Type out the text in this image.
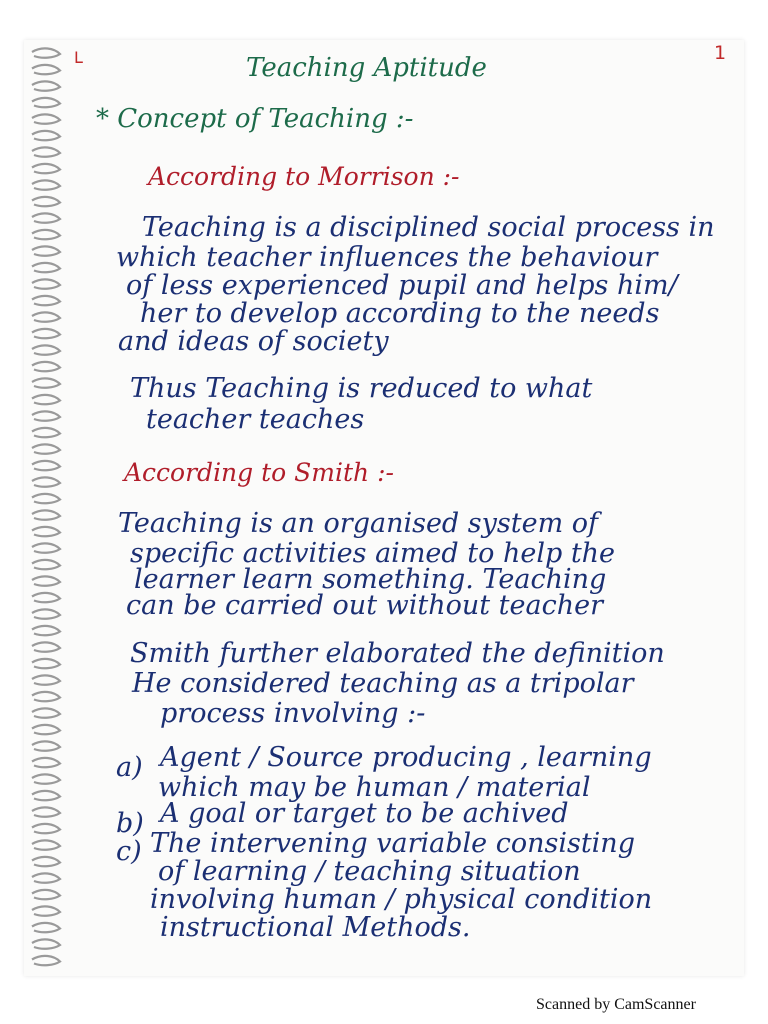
ᒪ	1
Teaching Aptitude
* Concept of Teaching :-
According to Morrison :-
Teaching is a disciplined social process in
which teacher influences the behaviour
of less experienced pupil and helps him/
her to develop according to the needs
and ideas of society
Thus Teaching is reduced to what
teacher teaches
According to Smith :-
Teaching is an organised system of
specific activities aimed to help the
learner learn something. Teaching
can be carried out without teacher
Smith further elaborated the definition
He considered teaching as a tripolar
process involving :-
a) Agent / Source producing , learning
which may be human / material
b) A goal or target to be achived
c) The intervening variable consisting
of learning / teaching situation
involving human / physical condition
instructional Methods.
Scanned by CamScanner
